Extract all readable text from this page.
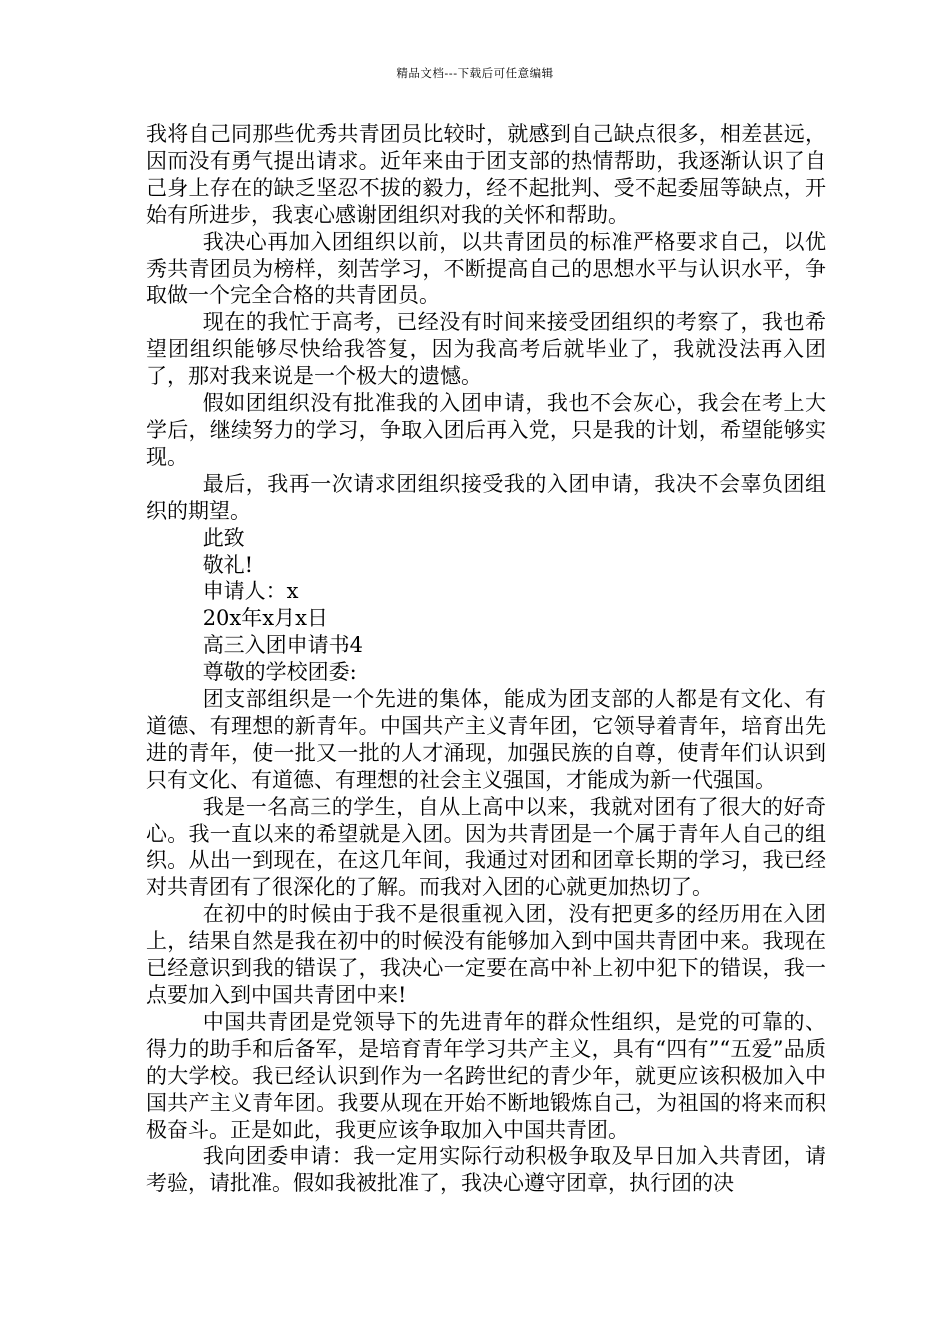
精品文档---下载后可任意编辑

我将自己同那些优秀共青团员比较时，就感到自己缺点很多，相差甚远，因而没有勇气提出请求。近年来由于团支部的热情帮助，我逐渐认识了自己身上存在的缺乏坚忍不拔的毅力，经不起批判、受不起委屈等缺点，开始有所进步，我衷心感谢团组织对我的关怀和帮助。

我决心再加入团组织以前，以共青团员的标准严格要求自己，以优秀共青团员为榜样，刻苦学习，不断提高自己的思想水平与认识水平，争取做一个完全合格的共青团员。

现在的我忙于高考，已经没有时间来接受团组织的考察了，我也希望团组织能够尽快给我答复，因为我高考后就毕业了，我就没法再入团了，那对我来说是一个极大的遗憾。

假如团组织没有批准我的入团申请，我也不会灰心，我会在考上大学后，继续努力的学习，争取入团后再入党，只是我的计划，希望能够实现。

最后，我再一次请求团组织接受我的入团申请，我决不会辜负团组织的期望。

此致

敬礼!

申请人：x

20x年x月x日

高三入团申请书4

尊敬的学校团委:

团支部组织是一个先进的集体，能成为团支部的人都是有文化、有道德、有理想的新青年。中国共产主义青年团，它领导着青年，培育出先进的青年，使一批又一批的人才涌现，加强民族的自尊，使青年们认识到只有文化、有道德、有理想的社会主义强国，才能成为新一代强国。

我是一名高三的学生，自从上高中以来，我就对团有了很大的好奇心。我一直以来的希望就是入团。因为共青团是一个属于青年人自己的组织。从出一到现在，在这几年间，我通过对团和团章长期的学习，我已经对共青团有了很深化的了解。而我对入团的心就更加热切了。

在初中的时候由于我不是很重视入团，没有把更多的经历用在入团上，结果自然是我在初中的时候没有能够加入到中国共青团中来。我现在已经意识到我的错误了，我决心一定要在高中补上初中犯下的错误，我一点要加入到中国共青团中来!

中国共青团是党领导下的先进青年的群众性组织，是党的可靠的、得力的助手和后备军，是培育青年学习共产主义，具有“四有”“五爱”品质的大学校。我已经认识到作为一名跨世纪的青少年，就更应该积极加入中国共产主义青年团。我要从现在开始不断地锻炼自己，为祖国的将来而积极奋斗。正是如此，我更应该争取加入中国共青团。

我向团委申请：我一定用实际行动积极争取及早日加入共青团，请考验，请批准。假如我被批准了，我决心遵守团章，执行团的决
